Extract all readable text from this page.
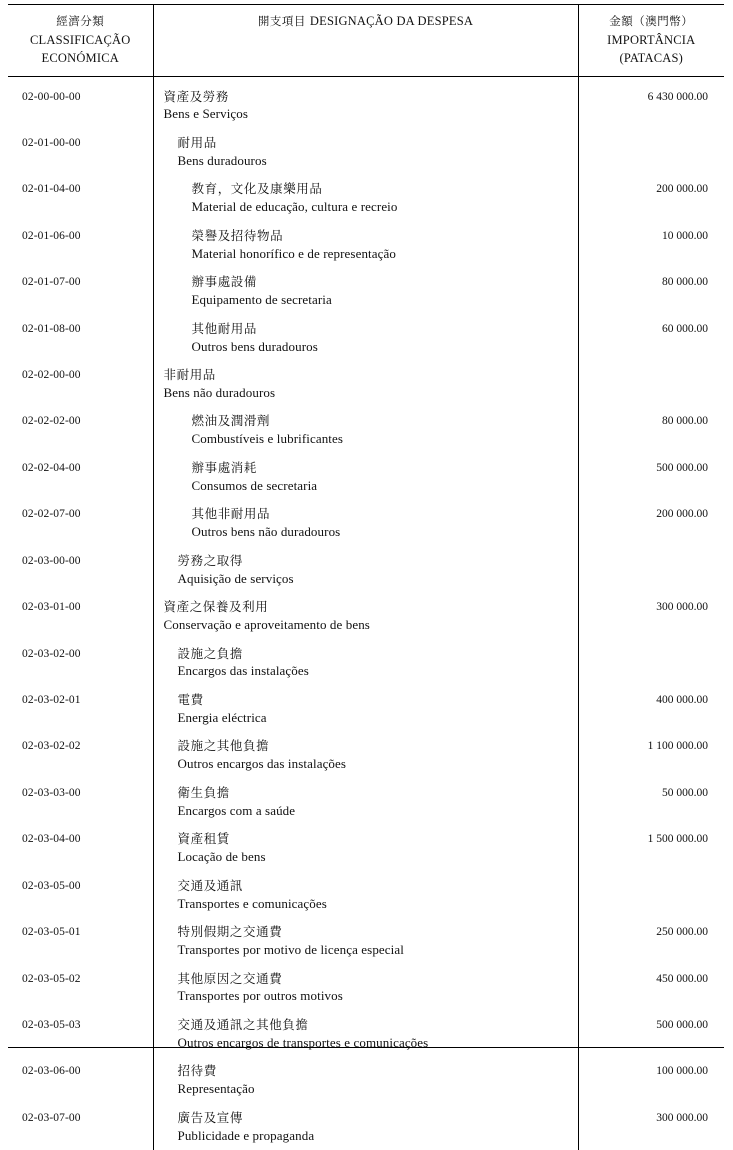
經濟分類 CLASSIFICAÇÃO ECONÓMICA	開支項目 DESIGNAÇÃO DA DESPESA	金額（澳門幣） IMPORTÂNCIA (PATACAS)

02-00-00-00	資產及勞務
Bens e Serviços	6 430 000.00
02-01-00-00	耐用品
Bens duradouros	

02-01-04-00	教育，文化及康樂用品
Material de educação, cultura e recreio	200 000.00
02-01-06-00	榮譽及招待物品
Material honorífico e de representação	10 000.00
02-01-07-00	辦事處設備
Equipamento de secretaria	80 000.00
02-01-08-00	其他耐用品
Outros bens duradouros	60 000.00
02-02-00-00	非耐用品
Bens não duradouros	

02-02-02-00	燃油及潤滑劑
Combustíveis e lubrificantes	80 000.00
02-02-04-00	辦事處消耗
Consumos de secretaria	500 000.00
02-02-07-00	其他非耐用品
Outros bens não duradouros	200 000.00
02-03-00-00	勞務之取得
Aquisição de serviços	

02-03-01-00	資產之保養及利用
Conservação e aproveitamento de bens	300 000.00
02-03-02-00	設施之負擔
Encargos das instalações	

02-03-02-01	電費
Energia eléctrica	400 000.00
02-03-02-02	設施之其他負擔
Outros encargos das instalações	1 100 000.00
02-03-03-00	衛生負擔
Encargos com a saúde	50 000.00
02-03-04-00	資產租賃
Locação de bens	1 500 000.00
02-03-05-00	交通及通訊
Transportes e comunicações	

02-03-05-01	特別假期之交通費
Transportes por motivo de licença especial	250 000.00
02-03-05-02	其他原因之交通費
Transportes por outros motivos	450 000.00
02-03-05-03	交通及通訊之其他負擔
Outros encargos de transportes e comunicações	500 000.00
02-03-06-00	招待費
Representação	100 000.00
02-03-07-00	廣告及宣傳
Publicidade e propaganda	300 000.00
